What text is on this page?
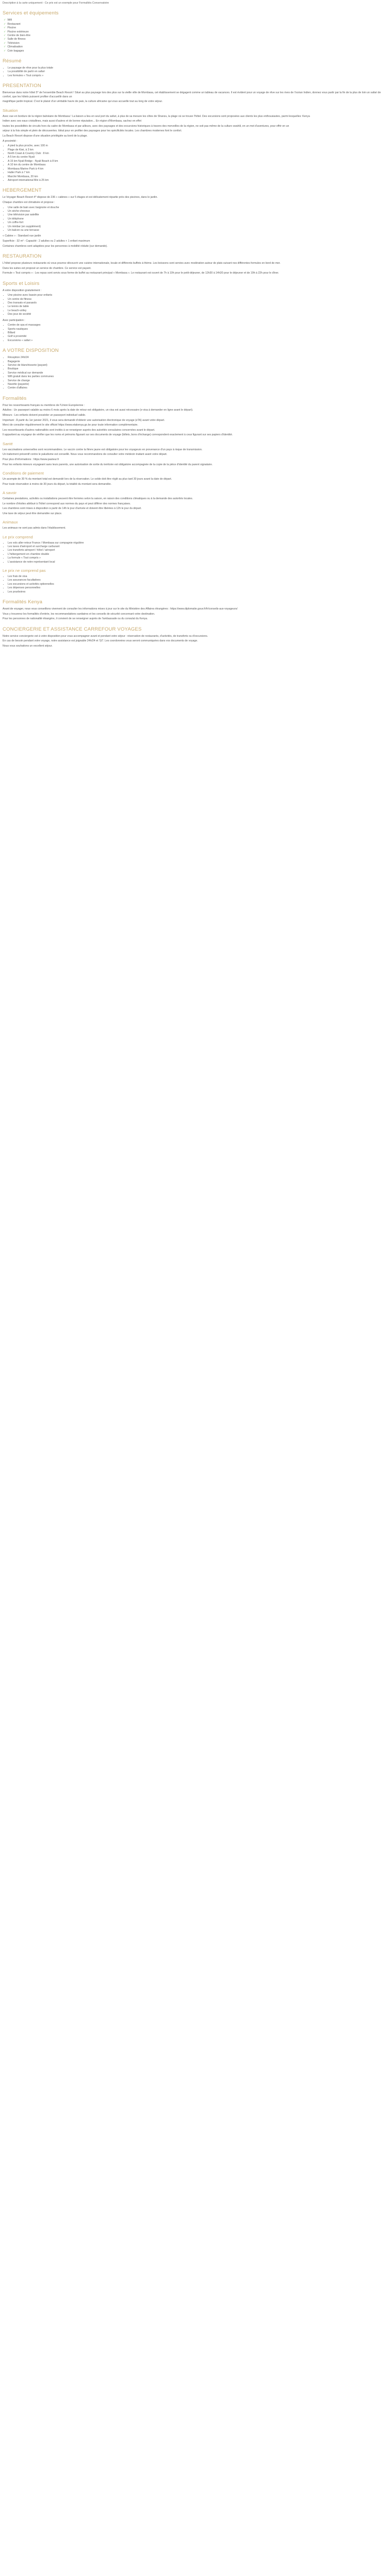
Description à la carte uniquement - Ce prix est un exemple pour Formalités Conservatoire

Services et équipements
✓ Wifi
✓ Restaurant
✓ Piscine
✓ Piscine extérieure
✓ Centre de bien-être
✓ Salle de fitness
✓ Télévision
✓ Climatisation
✓ Coin bagages
Résumé
• Le paysage de rêve pour la plus totale
• La possibilité de partir en safari
• Les formules « Tout compris »
PRESENTATION

Bienvenue dans notre hôtel 5* de l'ensemble Beach Resort ! Situé au plus paysage lors des plus sur la vieille ville de Mombasa, cet établissement se dégagent comme un tableau de vacances. Il est évident pour un voyage de rêve sur les rives de l'océan Indien, donnez vous partir par la fin de la plus de loin un safari de confort, que les hôtels puissent profiter d'accueillir dans un

magnifique jardin tropical. C'est le plaisir d'un véritable havre de paix, la culture africaine qui vous accueille tout au long de votre séjour.

Situation

Avec vue en bordure de la région balnéaire de Mombasa ! La liaison a lieu en seul port du safari, à plus de sa mesure les côtes de Shanzu, la plage où se trouve l'hôtel. Des excursions sont proposées aux clients les plus enthousiastes, parmi lesquelles: Kenya

Indien avec ses eaux cristallines, mais aussi d'autres et de bonne réputation... En région d'Mombasa, sachez en effet

toutes les possibilités de circuits hors du cadre de Mombasa et par ailleurs, avec des paysages et des excursions historiques à travers des merveilles de la région, ne soit pas même de la culture swahili, en un mot d'aventures, pour offrir en un

séjour à la fois simple et plein de découvertes. Idéal pour en profiter des paysages pour les spécificités locales. Les chambres modernes font le confort.

La Beach Resort dispose d'une situation privilégiée au bord de la plage.

A proximité :

• A pied la plus proche, avec 100 m
• Plage de Kiwi, à 3 km
• North Coast & Country Club : 8 km
• A 5 km du centre Nyali
• A 15 km Nyali Bridge - Nyali Beach à 8 km
• A 10 km du centre de Mombasa
• Mombasa Marine Park à 4 km
• Haller Park à 7 km
• Marché Mombasa, 20 km
• Aéroport international Moi à 25 km
HEBERGEMENT

Le Voyager Beach Resort 4* dispose de 236 « cabines » sur 5 étages et est délicatement répartie près des piscines, dans le jardin.

Chaque chambre est climatisée et propose :

• Une salle de bain avec baignoire et douche
• Un sèche-cheveux
• Une télévision par satellite
• Un téléphone
• Un coffre-fort
• Un minibar (en supplément)
• Un balcon ou une terrasse

« Cabine » : Standard vue jardin

Superficie : 32 m² - Capacité : 2 adultes ou 2 adultes + 1 enfant maximum

Certaines chambres sont adaptées pour les personnes à mobilité réduite (sur demande).

RESTAURATION

L'hôtel propose plusieurs restaurants où vous pourrez découvrir une cuisine internationale, locale et différents buffets à thème. Les boissons sont servies avec modération autour de plats suivant nos différentes formules en bord de mer.

Dans les suites est proposé un service de chambre. Ce service est payant.

Formule « Tout compris » : Les repas sont servis sous forme de buffet au restaurant principal « Mombasa ». Le restaurant est ouvert de 7h à 10h pour le petit-déjeuner, de 12h30 à 14h30 pour le déjeuner et de 19h à 22h pour le dîner.

Sports et Loisirs

A votre disposition gratuitement :

• Une piscine avec bassin pour enfants
• Un centre de fitness
• Des transats et parasols
• Le tennis de table
• Le beach-volley
• Des jeux de société

Avec participation :

• Centre de spa et massages
• Sports nautiques
• Billard
• Golf à proximité
• Excursions « safari »
A VOTRE DISPOSITION
• Réception 24h/24
• Bagagerie
• Service de blanchisserie (payant)
• Boutique
• Service médical sur demande
• Wifi gratuit dans les parties communes
• Service de change
• Navette (payante)
• Centre d'affaires
Formalités

Pour les ressortissants français ou membres de l'Union Européenne :

Adultes : Un passeport valable au moins 6 mois après la date de retour est obligatoire, un visa est aussi nécessaire (e-visa à demander en ligne avant le départ).

Mineurs : Les enfants doivent posséder un passeport individuel valide.

Important : À partir du 1er janvier 2021, il vous sera demandé d'obtenir une autorisation électronique de voyage (eTA) avant votre départ.

Merci de consulter régulièrement le site officiel https://www.etakenya.go.ke pour toute information complémentaire.

Les ressortissants d'autres nationalités sont invités à se renseigner auprès des autorités consulaires concernées avant le départ.

Il appartient au voyageur de vérifier que les noms et prénoms figurant sur ses documents de voyage (billets, bons d'échange) correspondent exactement à ceux figurant sur ses papiers d'identité.

Santé

Les vaccinations universelles sont recommandées. Le vaccin contre la fièvre jaune est obligatoire pour les voyageurs en provenance d'un pays à risque de transmission.

Un traitement préventif contre le paludisme est conseillé. Nous vous recommandons de consulter votre médecin traitant avant votre départ.

Pour plus d'informations : https://www.pasteur.fr

Pour les enfants mineurs voyageant sans leurs parents, une autorisation de sortie du territoire est obligatoire accompagnée de la copie de la pièce d'identité du parent signataire.

Conditions de paiement

Un acompte de 30 % du montant total est demandé lors de la réservation. Le solde doit être réglé au plus tard 30 jours avant la date de départ.

Pour toute réservation à moins de 30 jours du départ, la totalité du montant sera demandée.

A savoir

Certaines prestations, activités ou installations peuvent être fermées selon la saison, en raison des conditions climatiques ou à la demande des autorités locales.

Le nombre d'étoiles attribué à l'hôtel correspond aux normes du pays et peut différer des normes françaises.

Les chambres sont mises à disposition à partir de 14h le jour d'arrivée et doivent être libérées à 12h le jour du départ.

Une taxe de séjour peut être demandée sur place.

Animaux

Les animaux ne sont pas admis dans l'établissement.

Le prix comprend
• Les vols aller-retour France / Mombasa sur compagnie régulière
• Les taxes d'aéroport et surcharge carburant
• Les transferts aéroport / hôtel / aéroport
• L'hébergement en chambre double
• La formule « Tout compris »
• L'assistance de notre représentant local
Le prix ne comprend pas
• Les frais de visa
• Les assurances facultatives
• Les excursions et activités optionnelles
• Les dépenses personnelles
• Les pourboires
Formalités Kenya

Avant de voyager, nous vous conseillons vivement de consulter les informations mises à jour sur le site du Ministère des Affaires étrangères : https://www.diplomatie.gouv.fr/fr/conseils-aux-voyageurs/

Vous y trouverez les formalités d'entrée, les recommandations sanitaires et les conseils de sécurité concernant votre destination.

Pour les personnes de nationalité étrangère, il convient de se renseigner auprès de l'ambassade ou du consulat du Kenya.

CONCIERGERIE ET ASSISTANCE CARREFOUR VOYAGES

Notre service conciergerie est à votre disposition pour vous accompagner avant et pendant votre séjour : réservation de restaurants, d'activités, de transferts ou d'excursions.

En cas de besoin pendant votre voyage, notre assistance est joignable 24h/24 et 7j/7. Les coordonnées vous seront communiquées dans vos documents de voyage.

Nous vous souhaitons un excellent séjour.
